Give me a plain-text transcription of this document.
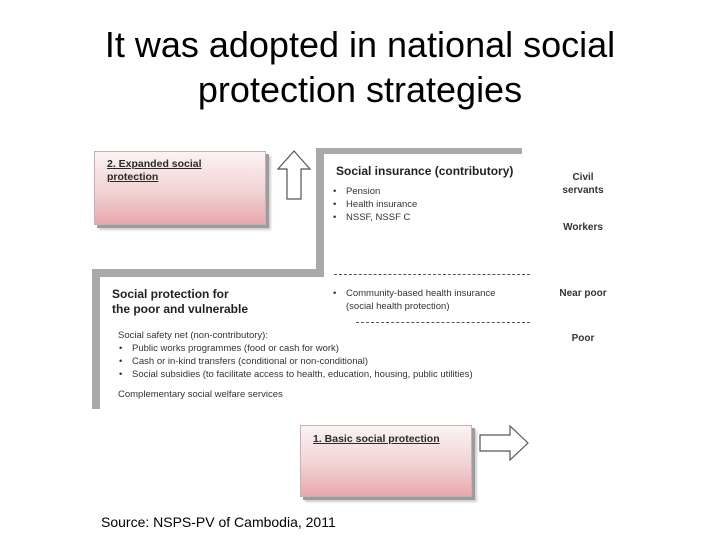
It was adopted in national social
protection strategies
2. Expanded social protection	Social insurance (contributory)
• Pension
• Health insurance
• NSSF, NSSF C
• Community-based health insurance (social health protection)
Social protection for
the poor and vulnerable
Social safety net (non-contributory):
• Public works programmes (food or cash for work)
• Cash or in-kind transfers (conditional or non-conditional)
• Social subsidies (to facilitate access to health, education, housing, public utilities)
Complementary social welfare services
Civil
servants
Workers
Near poor
Poor
1. Basic social protection
Source: NSPS-PV of Cambodia, 2011
